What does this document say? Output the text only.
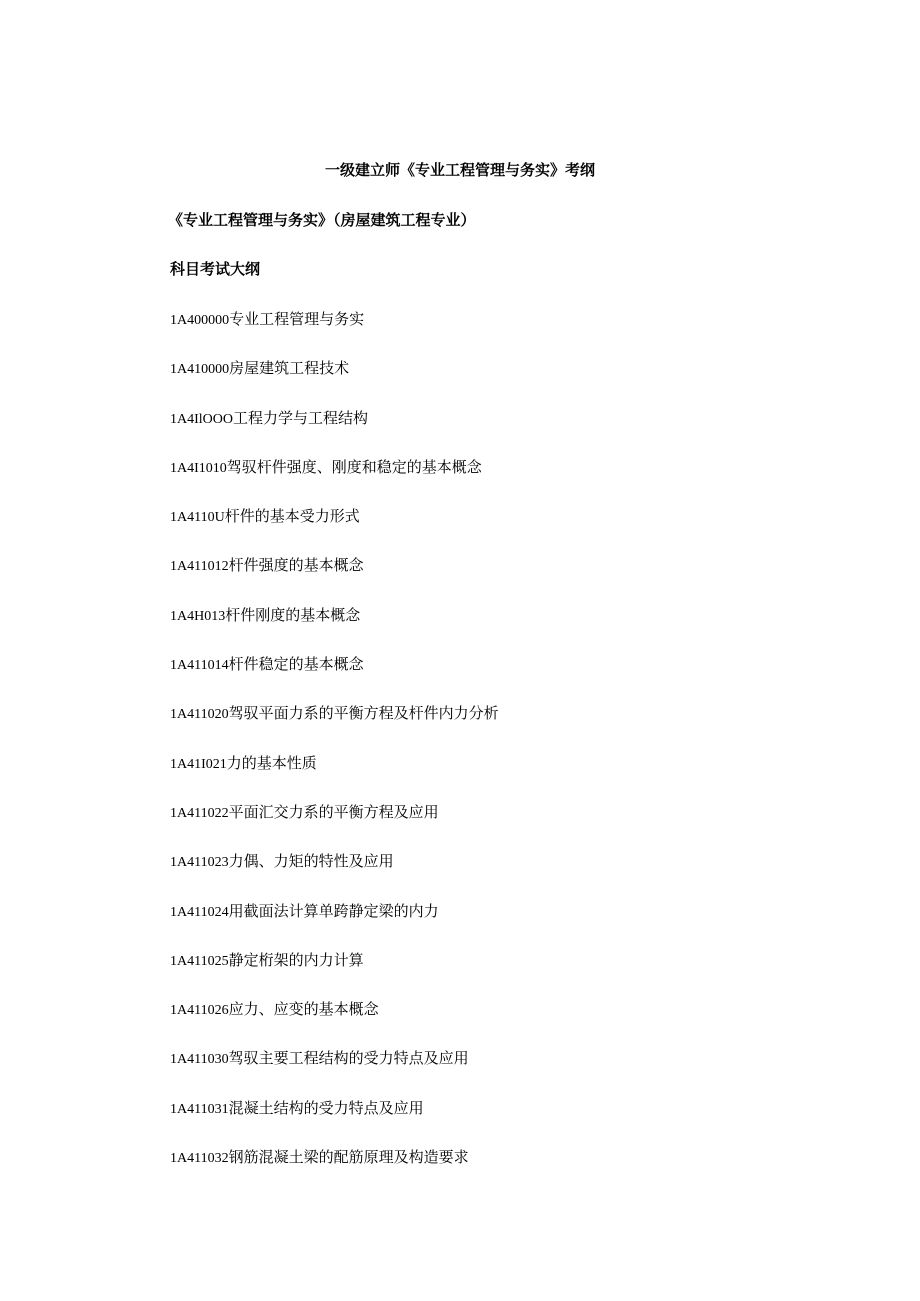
一级建立师《专业工程管理与务实》考纲
《专业工程管理与务实》（房屋建筑工程专业）
科目考试大纲
1A400000专业工程管理与务实
1A410000房屋建筑工程技术
1A4IlOOO工程力学与工程结构
1A4I1010驾驭杆件强度、刚度和稳定的基本概念
1A4110U杆件的基本受力形式
1A411012杆件强度的基本概念
1A4H013杆件刚度的基本概念
1A411014杆件稳定的基本概念
1A411020驾驭平面力系的平衡方程及杆件内力分析
1A41I021力的基本性质
1A411022平面汇交力系的平衡方程及应用
1A411023力偶、力矩的特性及应用
1A411024用截面法计算单跨静定梁的内力
1A411025静定桁架的内力计算
1A411026应力、应变的基本概念
1A411030驾驭主要工程结构的受力特点及应用
1A411031混凝土结构的受力特点及应用
1A411032钢筋混凝土梁的配筋原理及构造要求
